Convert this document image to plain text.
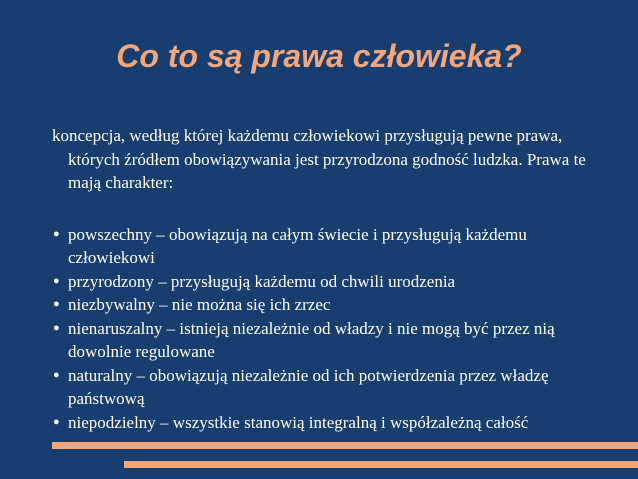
Co to są prawa człowieka?

koncepcja, według której każdemu człowiekowi przysługują pewne prawa, których źródłem obowiązywania jest przyrodzona godność ludzka. Prawa te mają charakter:

● powszechny – obowiązują na całym świecie i przysługują każdemu człowiekowi
● przyrodzony – przysługują każdemu od chwili urodzenia
● niezbywalny – nie można się ich zrzec
● nienaruszalny – istnieją niezależnie od władzy i nie mogą być przez nią dowolnie regulowane
● naturalny – obowiązują niezależnie od ich potwierdzenia przez władzę państwową
● niepodzielny – wszystkie stanowią integralną i współzależną całość
